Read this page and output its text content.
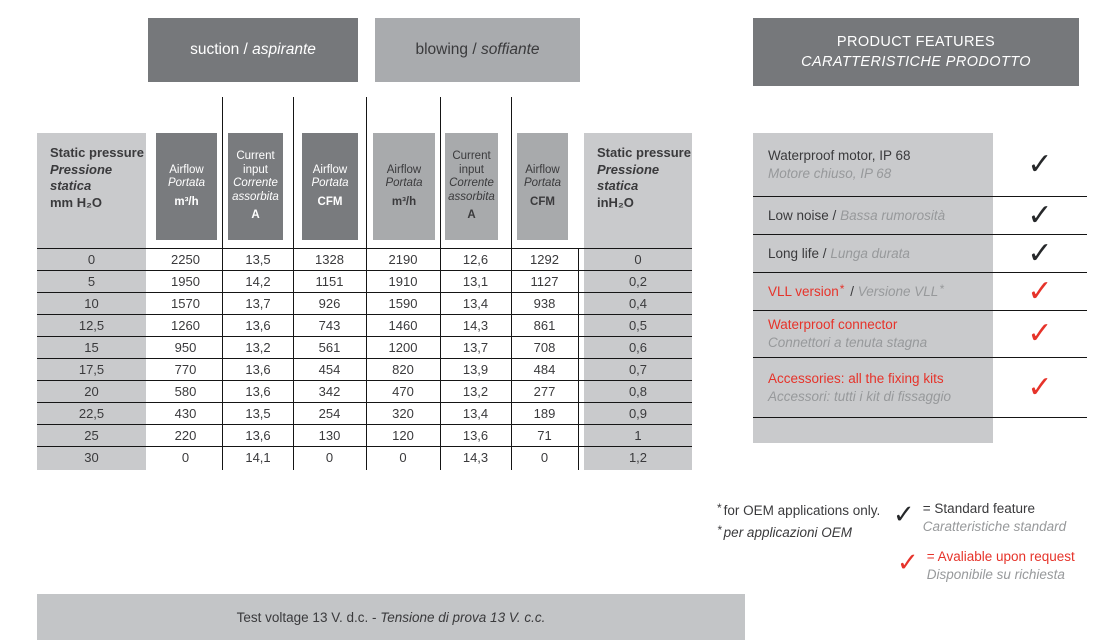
suction / aspirante	blowing / soffiante	PRODUCT FEATURES
CARATTERISTICHE PRODOTTO
Static pressure
Pressione statica
mm H₂O
Static pressure
Pressione statica
inH₂O
Airflow
Portata
m³/h
Current input
Corrente assorbita
A
Airflow
Portata
CFM
Airflow
Portata
m³/h
Current input
Corrente assorbita
A
Airflow
Portata
CFM
0	2250	13,5	1328	2190	12,6	1292	0
5	1950	14,2	1151	1910	13,1	1127	0,2
10	1570	13,7	926	1590	13,4	938	0,4
12,5	1260	13,6	743	1460	14,3	861	0,5
15	950	13,2	561	1200	13,7	708	0,6
17,5	770	13,6	454	820	13,9	484	0,7
20	580	13,6	342	470	13,2	277	0,8
22,5	430	13,5	254	320	13,4	189	0,9
25	220	13,6	130	120	13,6	71	1
30	0	14,1	0	0	14,3	0	1,2
Waterproof motor, IP 68
Motore chiuso, IP 68	✓
Low noise / Bassa rumorosità	✓
Long life / Lunga durata	✓
VLL version* / Versione VLL*	✓
Waterproof connector
Connettori a tenuta stagna	✓
Accessories: all the fixing kits
Accessori: tutti i kit di fissaggio	✓
* for OEM applications only.
* per applicazioni OEM
✓ = Standard feature
Caratteristiche standard
✓ = Avaliable upon request
Disponibile su richiesta
Test voltage 13 V. d.c. - Tensione di prova 13 V. c.c.
